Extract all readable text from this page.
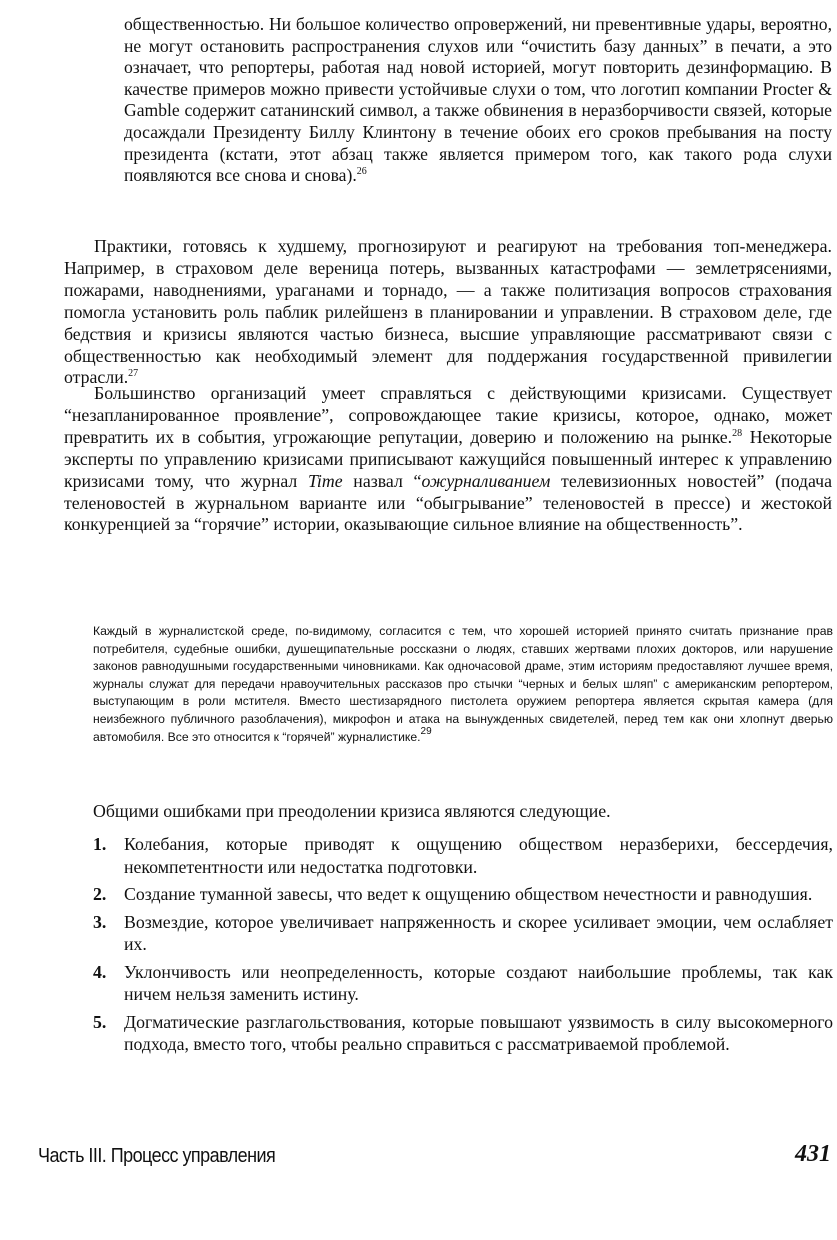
общественностью. Ни большое количество опровержений, ни превентивные удары, вероятно, не могут остановить распространения слухов или “очистить базу данных” в печати, а это означает, что репортеры, работая над новой историей, могут повторить дезинформацию. В качестве примеров можно привести устойчивые слухи о том, что логотип компании Procter & Gamble содержит сатанинский символ, а также обвинения в неразборчивости связей, которые досаждали Президенту Биллу Клинтону в течение обоих его сроков пребывания на посту президента (кстати, этот абзац также является примером того, как такого рода слухи появляются все снова и снова).$^{26}$

Практики, готовясь к худшему, прогнозируют и реагируют на требования топ-менеджера. Например, в страховом деле вереница потерь, вызванных катастрофами — землетрясениями, пожарами, наводнениями, ураганами и торнадо, — а также политизация вопросов страхования помогла установить роль паблик рилейшенз в планировании и управлении. В страховом деле, где бедствия и кризисы являются частью бизнеса, высшие управляющие рассматривают связи с общественностью как необходимый элемент для поддержания государственной привилегии отрасли.$^{27}$

Большинство организаций умеет справляться с действующими кризисами. Существует “незапланированное проявление”, сопровождающее такие кризисы, которое, однако, может превратить их в события, угрожающие репутации, доверию и положению на рынке.$^{28}$ Некоторые эксперты по управлению кризисами приписывают кажущийся повышенный интерес к управлению кризисами тому, что журнал Time назвал “ожурналиванием телевизионных новостей” (подача теленовостей в журнальном варианте или “обыгрывание” теленовостей в прессе) и жестокой конкуренцией за “горячие” истории, оказывающие сильное влияние на общественность”.

Каждый в журналистской среде, по-видимому, согласится с тем, что хорошей историей принято считать признание прав потребителя, судебные ошибки, душещипательные россказни о людях, ставших жертвами плохих докторов, или нарушение законов равнодушными государственными чиновниками. Как одночасовой драме, этим историям предоставляют лучшее время, журналы служат для передачи нравоучительных рассказов про стычки “черных и белых шляп” с американским репортером, выступающим в роли мстителя. Вместо шестизарядного пистолета оружием репортера является скрытая камера (для неизбежного публичного разоблачения), микрофон и атака на вынужденных свидетелей, перед тем как они хлопнут дверью автомобиля. Все это относится к “горячей” журналистике.$^{29}$

Общими ошибками при преодолении кризиса являются следующие.

1. Колебания, которые приводят к ощущению обществом неразберихи, бессердечия, некомпетентности или недостатка подготовки.
2. Создание туманной завесы, что ведет к ощущению обществом нечестности и равнодушия.
3. Возмездие, которое увеличивает напряженность и скорее усиливает эмоции, чем ослабляет их.
4. Уклончивость или неопределенность, которые создают наибольшие проблемы, так как ничем нельзя заменить истину.
5. Догматические разглагольствования, которые повышают уязвимость в силу высокомерного подхода, вместо того, чтобы реально справиться с рассматриваемой проблемой.
Часть III. Процесс управления	431
